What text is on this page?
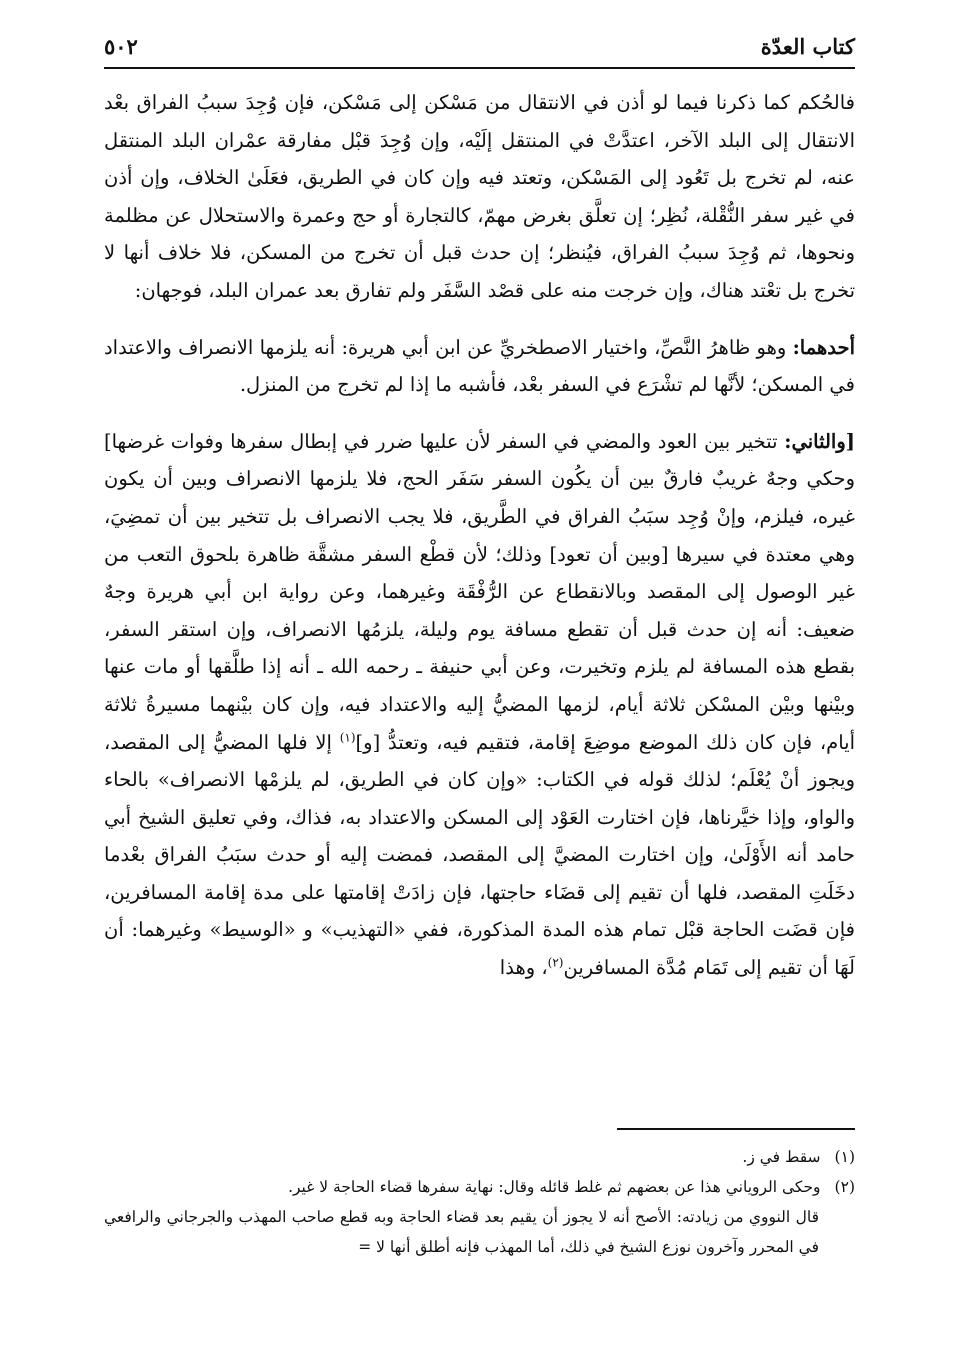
كتاب العدّة
٥٠٢

فالحُكم كما ذكرنا فيما لو أذن في الانتقال من مَسْكن إلى مَسْكن، فإن وُجِدَ سببُ الفراق بعْد الانتقال إلى البلد الآخر، اعتدَّتْ في المنتقل إلَيْه، وإن وُجِدَ قبْل مفارقة عمْران البلد المنتقل عنه، لم تخرج بل تَعُود إلى المَسْكن، وتعتد فيه وإن كان في الطريق، فعَلَىٰ الخلاف، وإن أذن في غير سفر النُّقْلة، نُظِر؛ إن تعلَّق بغرض مهمّ، كالتجارة أو حج وعمرة والاستحلال عن مظلمة ونحوها، ثم وُجِدَ سببُ الفراق، فيُنظر؛ إن حدث قبل أن تخرج من المسكن، فلا خلاف أنها لا تخرج بل تعْتد هناك، وإن خرجت منه على قصْد السَّفَر ولم تفارق بعد عمران البلد، فوجهان:

أحدهما: وهو ظاهرُ النَّصِّ، واختيار الاصطخريِّ عن ابن أبي هريرة: أنه يلزمها الانصراف والاعتداد في المسكن؛ لأنَّها لم تشْرَع في السفر بعْد، فأشبه ما إذا لم تخرج من المنزل.

[والثاني: تتخير بين العود والمضي في السفر لأن عليها ضرر في إبطال سفرها وفوات غرضها] وحكي وجهٌ غريبٌ فارقٌ بين أن يكُون السفر سَفَر الحج، فلا يلزمها الانصراف وبين أن يكون غيره، فيلزم، وإنْ وُجِد سبَبُ الفراق في الطَّريق، فلا يجب الانصراف بل تتخير بين أن تمضِيَ، وهي معتدة في سيرها [وبين أن تعود] وذلك؛ لأن قطْع السفر مشقَّة ظاهرة بلحوق التعب من غير الوصول إلى المقصد وبالانقطاع عن الرُّفْقَة وغيرهما، وعن رواية ابن أبي هريرة وجهٌ ضعيف: أنه إن حدث قبل أن تقطع مسافة يوم وليلة، يلزمُها الانصراف، وإن استقر السفر، بقطع هذه المسافة لم يلزم وتخيرت، وعن أبي حنيفة ـ رحمه الله ـ أنه إذا طلَّقها أو مات عنها وبيْنها وبيْن المسْكن ثلاثة أيام، لزمها المضيُّ إليه والاعتداد فيه، وإن كان بيْنهما مسيرةُ ثلاثة أيام، فإن كان ذلك الموضع موضِعَ إقامة، فتقيم فيه، وتعتدُّ [و]$^{(١)}$ إلا فلها المضيُّ إلى المقصد، ويجوز أنْ يُعْلَم؛ لذلك قوله في الكتاب: «وإن كان في الطريق، لم يلزمْها الانصراف» بالحاء والواو، وإذا خيَّرناها، فإن اختارت العَوْد إلى المسكن والاعتداد به، فذاك، وفي تعليق الشيخ أبي حامد أنه الأَوْلَىٰ، وإن اختارت المضيَّ إلى المقصد، فمضت إليه أو حدث سبَبُ الفراق بعْدما دخَلَتِ المقصد، فلها أن تقيم إلى قضَاء حاجتها، فإن زادَتْ إقامتها على مدة إقامة المسافرين، فإن قضَت الحاجة قبْل تمام هذه المدة المذكورة، ففي «التهذيب» و «الوسيط» وغيرهما: أن لَهَا أن تقيم إلى تَمَام مُدَّة المسافرين$^{(٢)}$، وهذا

(١)
سقط في ز.
(٢)
وحكى الروياني هذا عن بعضهم ثم غلط قائله وقال: نهاية سفرها قضاء الحاجة لا غير.

قال النووي من زيادته: الأصح أنه لا يجوز أن يقيم بعد قضاء الحاجة وبه قطع صاحب المهذب والجرجاني والرافعي في المحرر وآخرون نوزع الشيخ في ذلك، أما المهذب فإنه أطلق أنها لا =
